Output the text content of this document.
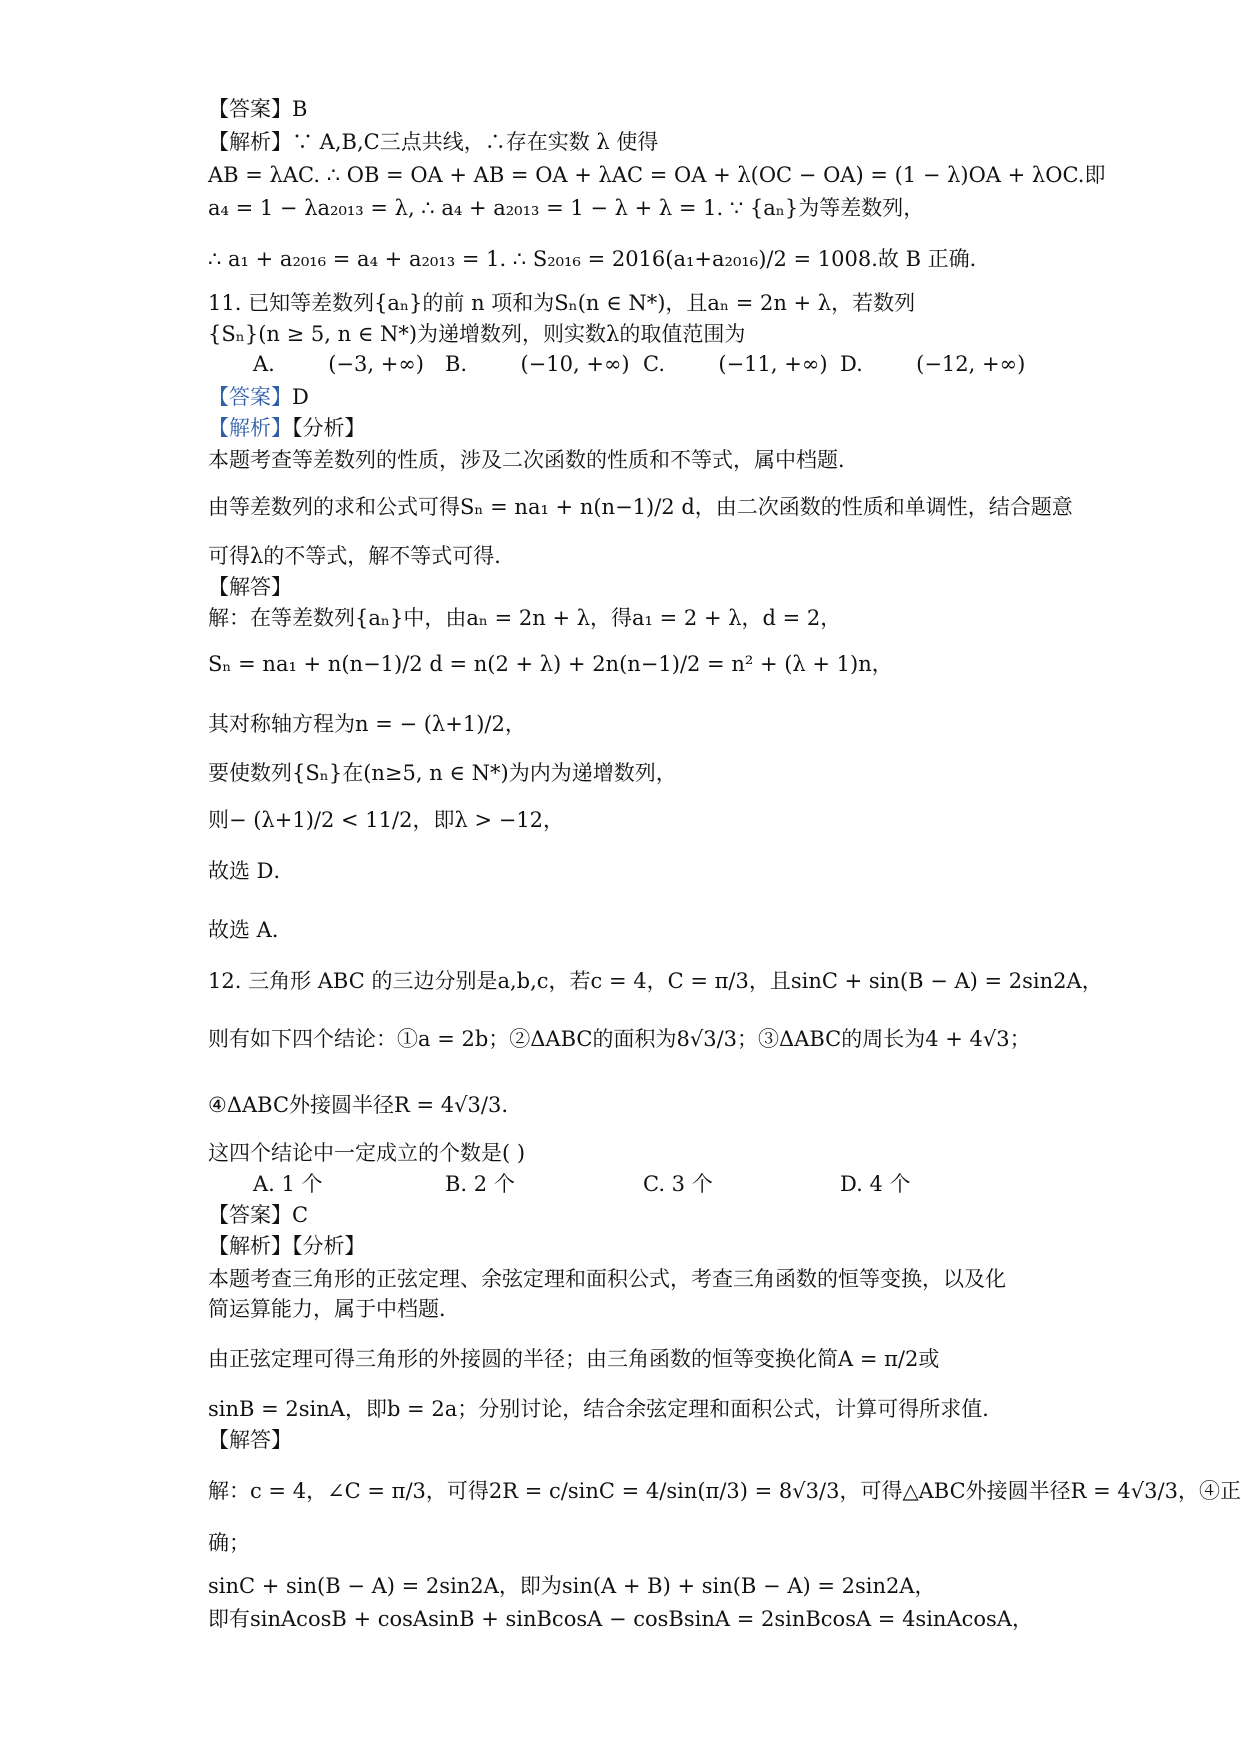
【答案】B
【解析】∵ A,B,C三点共线，∴存在实数 λ 使得
AB = λAC. ∴ OB = OA + AB = OA + λAC = OA + λ(OC − OA) = (1 − λ)OA + λOC.即
a₄ = 1 − λa₂₀₁₃ = λ, ∴ a₄ + a₂₀₁₃ = 1 − λ + λ = 1. ∵ {aₙ}为等差数列，
∴ a₁ + a₂₀₁₆ = a₄ + a₂₀₁₃ = 1. ∴ S₂₀₁₆ = 2016(a₁+a₂₀₁₆)/2 = 1008.故 B 正确．
11. 已知等差数列{aₙ}的前 n 项和为Sₙ(n ∈ N*)，且aₙ = 2n + λ，若数列
{Sₙ}(n ≥ 5, n ∈ N*)为递增数列，则实数λ的取值范围为
【答案】D
【解析】【分析】
本题考查等差数列的性质，涉及二次函数的性质和不等式，属中档题．
由等差数列的求和公式可得Sₙ = na₁ + n(n−1)/2 d，由二次函数的性质和单调性，结合题意
可得λ的不等式，解不等式可得．
【解答】
解：在等差数列{aₙ}中，由aₙ = 2n + λ，得a₁ = 2 + λ，d = 2，
Sₙ = na₁ + n(n−1)/2 d = n(2 + λ) + 2n(n−1)/2 = n² + (λ + 1)n，
其对称轴方程为n = − (λ+1)/2，
要使数列{Sₙ}在(n≥5, n ∈ N*)为内为递增数列，
则− (λ+1)/2 < 11/2，即λ > −12，
故选 D．
故选 A．
12. 三角形 ABC 的三边分别是a,b,c，若c = 4，C = π/3，且sinC + sin(B − A) = 2sin2A，
则有如下四个结论：①a = 2b；②ΔABC的面积为8√3/3；③ΔABC的周长为4 + 4√3；
④ΔABC外接圆半径R = 4√3/3.
这四个结论中一定成立的个数是( )
【答案】C
【解析】【分析】
本题考查三角形的正弦定理、余弦定理和面积公式，考查三角函数的恒等变换，以及化
简运算能力，属于中档题．
由正弦定理可得三角形的外接圆的半径；由三角函数的恒等变换化简A = π/2或
sinB = 2sinA，即b = 2a；分别讨论，结合余弦定理和面积公式，计算可得所求值．
【解答】
解：c = 4，∠C = π/3，可得2R = c/sinC = 4/sin(π/3) = 8√3/3，可得△ABC外接圆半径R = 4√3/3，④正
确；
sinC + sin(B − A) = 2sin2A，即为sin(A + B) + sin(B − A) = 2sin2A，
即有sinAcosB + cosAsinB + sinBcosA − cosBsinA = 2sinBcosA = 4sinAcosA，
A.	(−3, +∞) B.	(−10, +∞) C.	(−11, +∞) D.	(−12, +∞)
A. 1 个	B. 2 个	C. 3 个	D. 4 个
